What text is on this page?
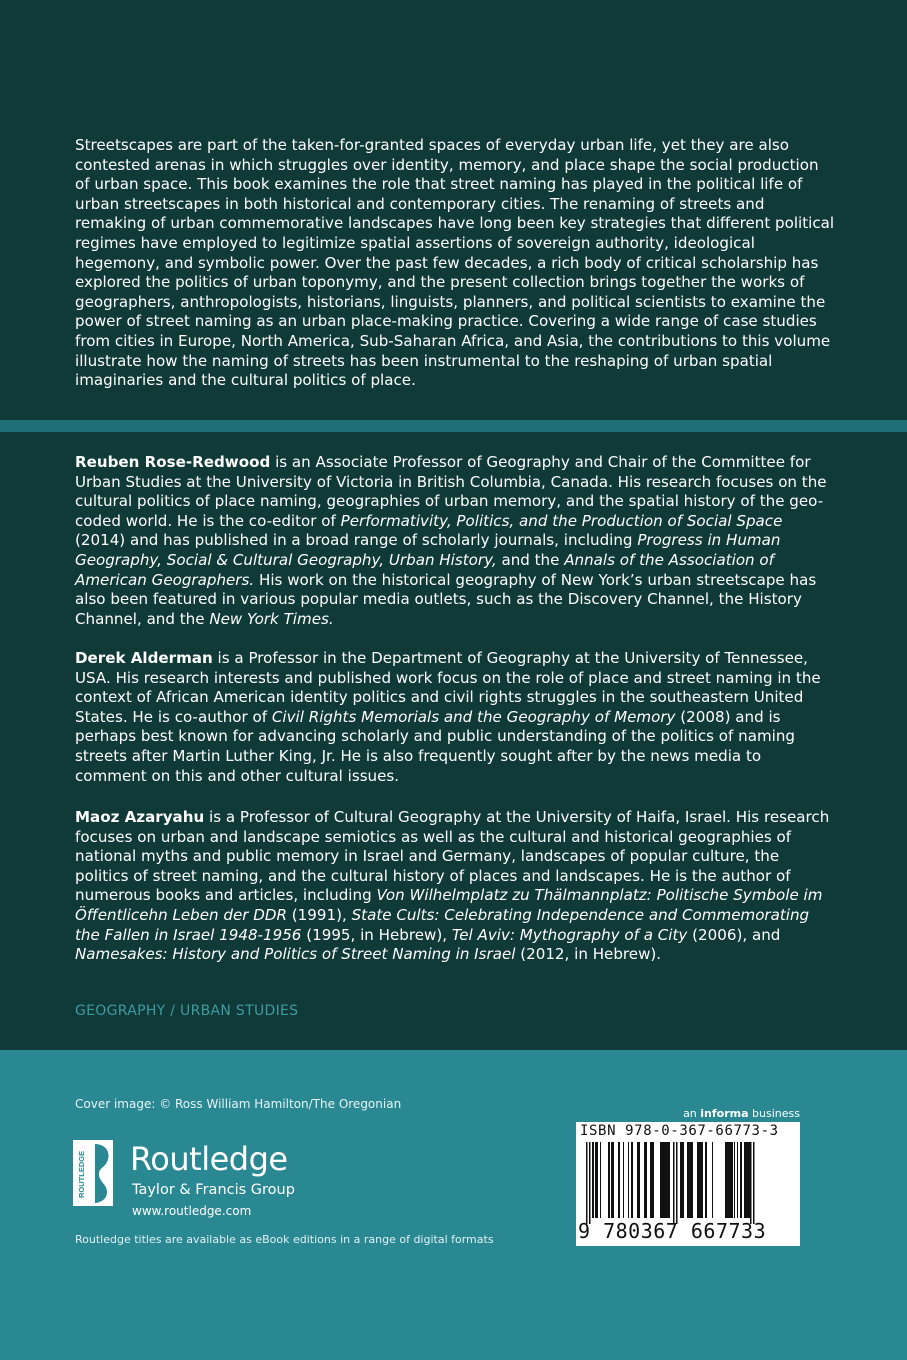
Streetscapes are part of the taken-for-granted spaces of everyday urban life, yet they are also contested arenas in which struggles over identity, memory, and place shape the social production of urban space. This book examines the role that street naming has played in the political life of urban streetscapes in both historical and contemporary cities. The renaming of streets and remaking of urban commemorative landscapes have long been key strategies that different political regimes have employed to legitimize spatial assertions of sovereign authority, ideological hegemony, and symbolic power. Over the past few decades, a rich body of critical scholarship has explored the politics of urban toponymy, and the present collection brings together the works of geographers, anthropologists, historians, linguists, planners, and political scientists to examine the power of street naming as an urban place-making practice. Covering a wide range of case studies from cities in Europe, North America, Sub-Saharan Africa, and Asia, the contributions to this volume illustrate how the naming of streets has been instrumental to the reshaping of urban spatial imaginaries and the cultural politics of place.

Reuben Rose-Redwood is an Associate Professor of Geography and Chair of the Committee for Urban Studies at the University of Victoria in British Columbia, Canada. His research focuses on the cultural politics of place naming, geographies of urban memory, and the spatial history of the geo-coded world. He is the co-editor of Performativity, Politics, and the Production of Social Space (2014) and has published in a broad range of scholarly journals, including Progress in Human Geography, Social & Cultural Geography, Urban History, and the Annals of the Association of American Geographers. His work on the historical geography of New York’s urban streetscape has also been featured in various popular media outlets, such as the Discovery Channel, the History Channel, and the New York Times.

Derek Alderman is a Professor in the Department of Geography at the University of Tennessee, USA. His research interests and published work focus on the role of place and street naming in the context of African American identity politics and civil rights struggles in the southeastern United States. He is co-author of Civil Rights Memorials and the Geography of Memory (2008) and is perhaps best known for advancing scholarly and public understanding of the politics of naming streets after Martin Luther King, Jr. He is also frequently sought after by the news media to comment on this and other cultural issues.

Maoz Azaryahu is a Professor of Cultural Geography at the University of Haifa, Israel. His research focuses on urban and landscape semiotics as well as the cultural and historical geographies of national myths and public memory in Israel and Germany, landscapes of popular culture, the politics of street naming, and the cultural history of places and landscapes. He is the author of numerous books and articles, including Von Wilhelmplatz zu Thälmannplatz: Politische Symbole im Öffentlicehn Leben der DDR (1991), State Cults: Celebrating Independence and Commemorating the Fallen in Israel 1948-1956 (1995, in Hebrew), Tel Aviv: Mythography of a City (2006), and Namesakes: History and Politics of Street Naming in Israel (2012, in Hebrew).

GEOGRAPHY / URBAN STUDIES
Cover image: © Ross William Hamilton/The Oregonian
ROUTLEDGE Routledge
Taylor & Francis Group
www.routledge.com
Routledge titles are available as eBook editions in a range of digital formats
an informa business
ISBN 978-0-367-66773-3
9 780367 667733
